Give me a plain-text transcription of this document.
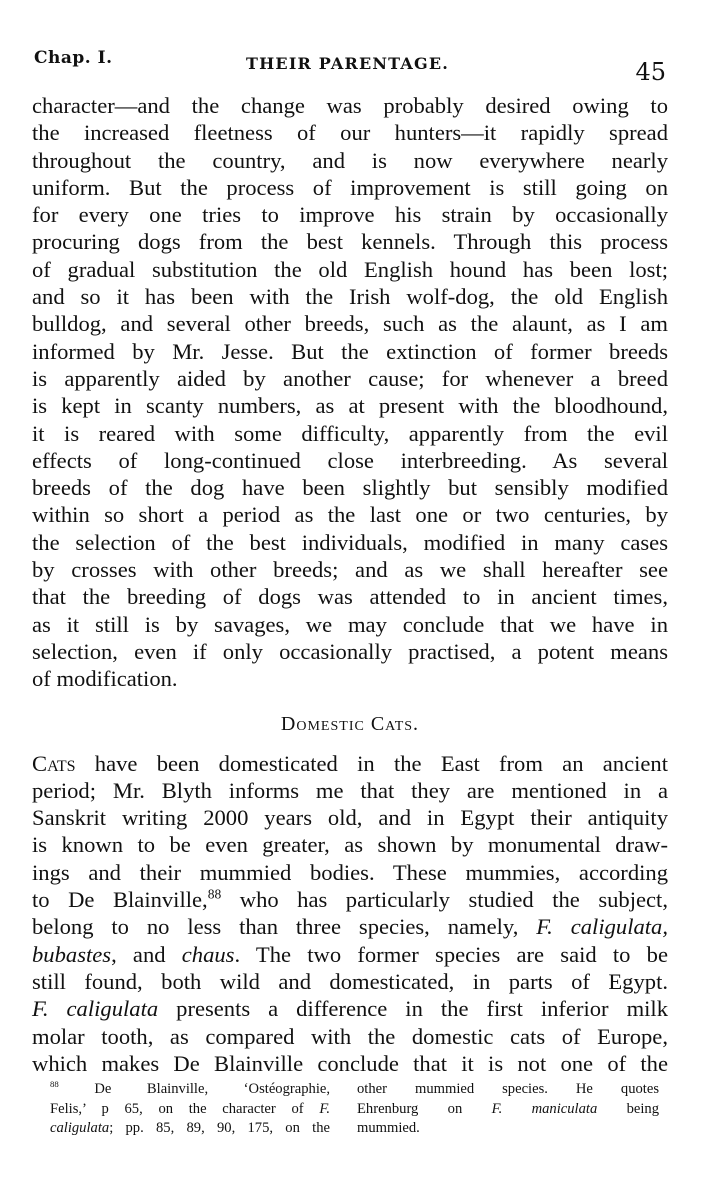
Chap. I.	THEIR PARENTAGE.	45
character—and the change was probably desired owing to
the increased fleetness of our hunters—it rapidly spread
throughout the country, and is now everywhere nearly
uniform. But the process of improvement is still going on
for every one tries to improve his strain by occasionally
procuring dogs from the best kennels. Through this process
of gradual substitution the old English hound has been lost;
and so it has been with the Irish wolf-dog, the old English
bulldog, and several other breeds, such as the alaunt, as I am
informed by Mr. Jesse. But the extinction of former breeds
is apparently aided by another cause; for whenever a breed
is kept in scanty numbers, as at present with the bloodhound,
it is reared with some difficulty, apparently from the evil
effects of long-continued close interbreeding. As several
breeds of the dog have been slightly but sensibly modified
within so short a period as the last one or two centuries, by
the selection of the best individuals, modified in many cases
by crosses with other breeds; and as we shall hereafter see
that the breeding of dogs was attended to in ancient times,
as it still is by savages, we may conclude that we have in
selection, even if only occasionally practised, a potent means
of modification.
Domestic Cats.
Cats have been domesticated in the East from an ancient
period; Mr. Blyth informs me that they are mentioned in a
Sanskrit writing 2000 years old, and in Egypt their antiquity
is known to be even greater, as shown by monumental draw-
ings and their mummied bodies. These mummies, according
to De Blainville,$^{88}$ who has particularly studied the subject,
belong to no less than three species, namely, F. caligulata,
bubastes, and chaus. The two former species are said to be
still found, both wild and domesticated, in parts of Egypt.
F. caligulata presents a difference in the first inferior milk
molar tooth, as compared with the domestic cats of Europe,
which makes De Blainville conclude that it is not one of the
$^{88}$ De Blainville, ‘Ostéographie,
Felis,’ p 65, on the character of F.
caligulata; pp. 85, 89, 90, 175, on the
other mummied species. He quotes
Ehrenburg on F. maniculata being
mummied.
